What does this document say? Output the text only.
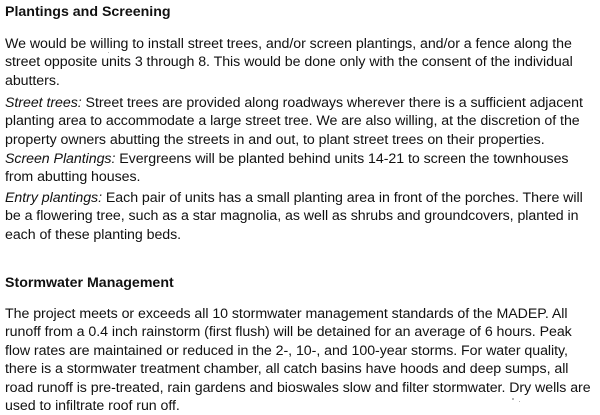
Plantings and Screening

We would be willing to install street trees, and/or screen plantings, and/or a fence along the street opposite units 3 through 8. This would be done only with the consent of the individual abutters.

Street trees: Street trees are provided along roadways wherever there is a sufficient adjacent planting area to accommodate a large street tree. We are also willing, at the discretion of the property owners abutting the streets in and out, to plant street trees on their properties.

Screen Plantings: Evergreens will be planted behind units 14-21 to screen the townhouses from abutting houses.

Entry plantings: Each pair of units has a small planting area in front of the porches. There will be a flowering tree, such as a star magnolia, as well as shrubs and groundcovers, planted in each of these planting beds.

Stormwater Management

The project meets or exceeds all 10 stormwater management standards of the MADEP. All runoff from a 0.4 inch rainstorm (first flush) will be detained for an average of 6 hours. Peak flow rates are maintained or reduced in the 2-, 10-, and 100-year storms. For water quality, there is a stormwater treatment chamber, all catch basins have hoods and deep sumps, all road runoff is pre-treated, rain gardens and bioswales slow and filter stormwater. Dry wells are used to infiltrate roof run off.
